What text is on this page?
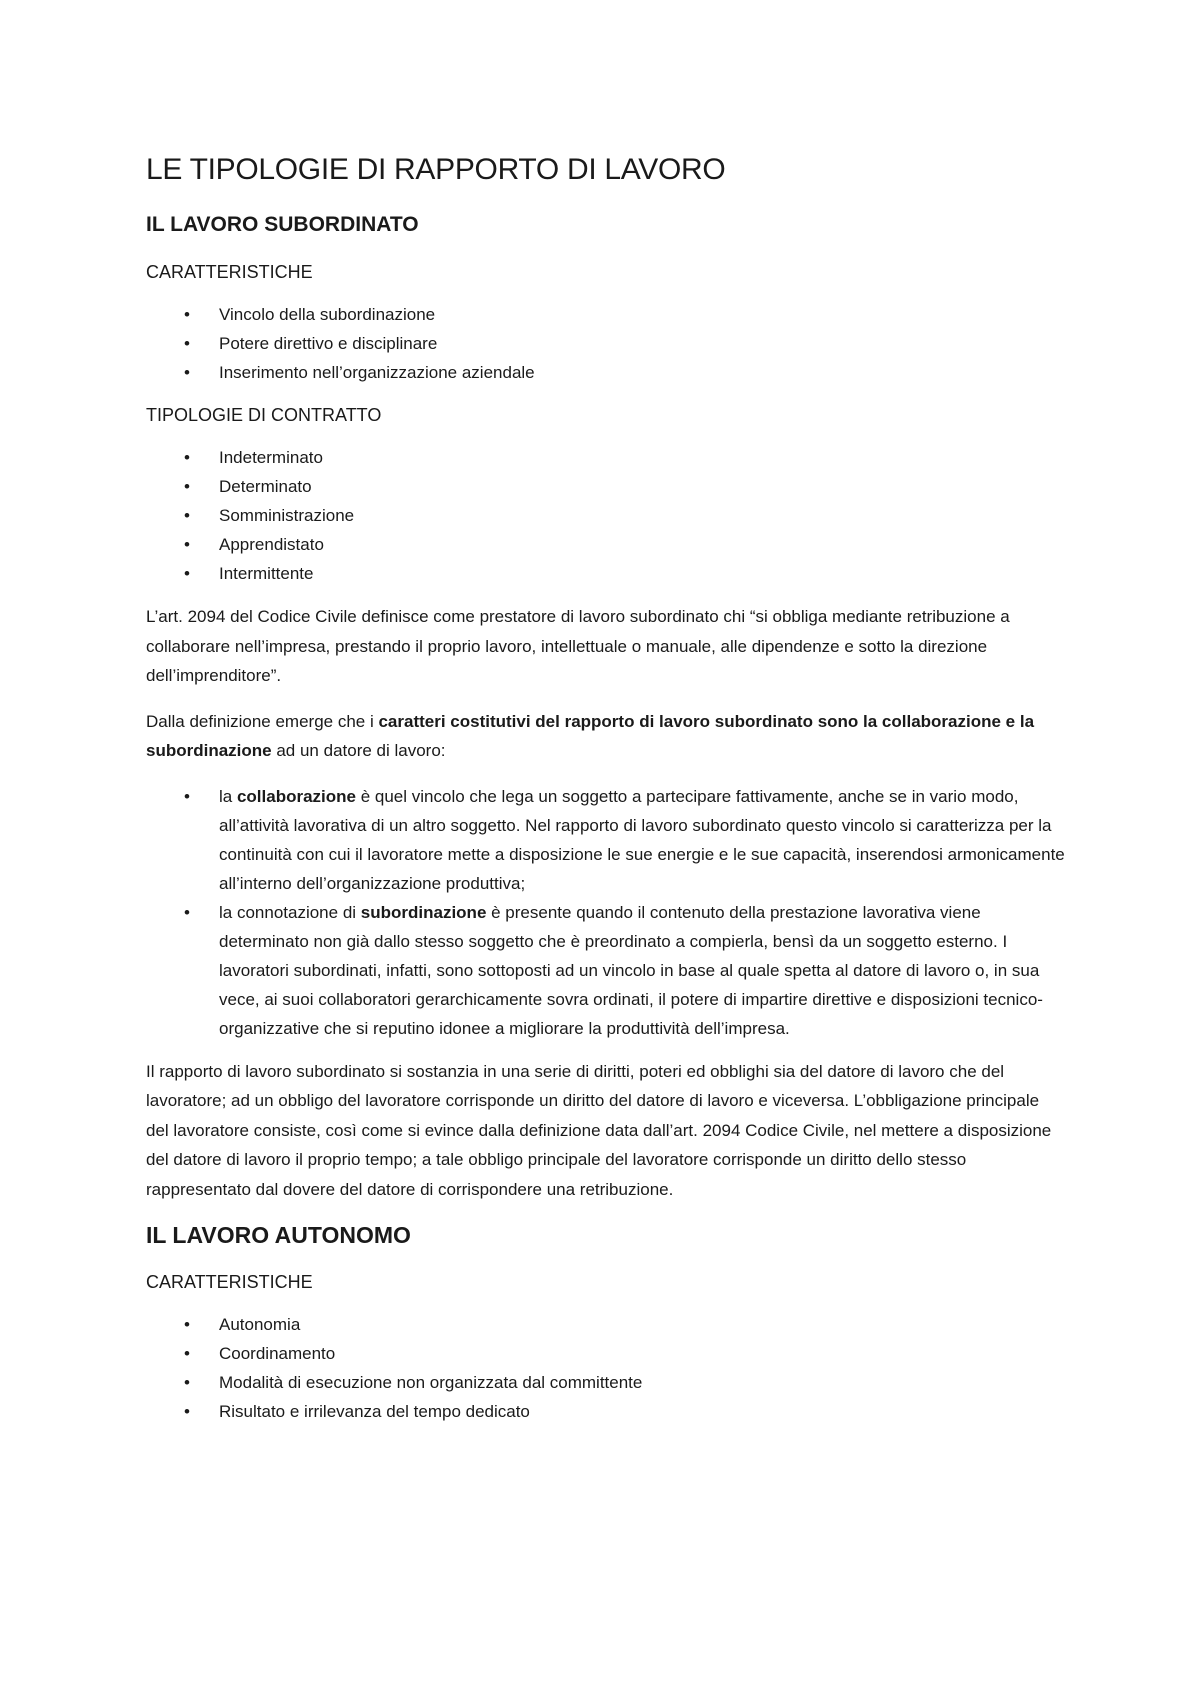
LE TIPOLOGIE DI RAPPORTO DI LAVORO
IL LAVORO SUBORDINATO
CARATTERISTICHE
• Vincolo della subordinazione
• Potere direttivo e disciplinare
• Inserimento nell’organizzazione aziendale
TIPOLOGIE DI CONTRATTO
• Indeterminato
• Determinato
• Somministrazione
• Apprendistato
• Intermittente

L’art. 2094 del Codice Civile definisce come prestatore di lavoro subordinato chi “si obbliga mediante retribuzione a collaborare nell’impresa, prestando il proprio lavoro, intellettuale o manuale, alle dipendenze e sotto la direzione dell’imprenditore”.

Dalla definizione emerge che i caratteri costitutivi del rapporto di lavoro subordinato sono la collaborazione e la subordinazione ad un datore di lavoro:

• la collaborazione è quel vincolo che lega un soggetto a partecipare fattivamente, anche se in vario modo, all’attività lavorativa di un altro soggetto. Nel rapporto di lavoro subordinato questo vincolo si caratterizza per la continuità con cui il lavoratore mette a disposizione le sue energie e le sue capacità, inserendosi armonicamente all’interno dell’organizzazione produttiva;
• la connotazione di subordinazione è presente quando il contenuto della prestazione lavorativa viene determinato non già dallo stesso soggetto che è preordinato a compierla, bensì da un soggetto esterno. I lavoratori subordinati, infatti, sono sottoposti ad un vincolo in base al quale spetta al datore di lavoro o, in sua vece, ai suoi collaboratori gerarchicamente sovra ordinati, il potere di impartire direttive e disposizioni tecnico-organizzative che si reputino idonee a migliorare la produttività dell’impresa.

Il rapporto di lavoro subordinato si sostanzia in una serie di diritti, poteri ed obblighi sia del datore di lavoro che del lavoratore; ad un obbligo del lavoratore corrisponde un diritto del datore di lavoro e viceversa. L’obbligazione principale del lavoratore consiste, così come si evince dalla definizione data dall’art. 2094 Codice Civile, nel mettere a disposizione del datore di lavoro il proprio tempo; a tale obbligo principale del lavoratore corrisponde un diritto dello stesso rappresentato dal dovere del datore di corrispondere una retribuzione.

IL LAVORO AUTONOMO
CARATTERISTICHE
• Autonomia
• Coordinamento
• Modalità di esecuzione non organizzata dal committente
• Risultato e irrilevanza del tempo dedicato
